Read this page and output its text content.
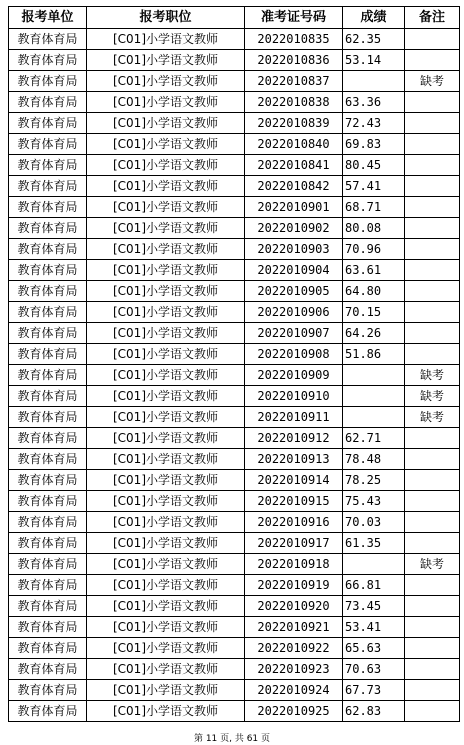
报考单位	报考职位	准考证号码	成绩	备注
教育体育局	[C01]小学语文教师	2022010835	62.35	
教育体育局	[C01]小学语文教师	2022010836	53.14	
教育体育局	[C01]小学语文教师	2022010837		缺考
教育体育局	[C01]小学语文教师	2022010838	63.36	
教育体育局	[C01]小学语文教师	2022010839	72.43	
教育体育局	[C01]小学语文教师	2022010840	69.83	
教育体育局	[C01]小学语文教师	2022010841	80.45	
教育体育局	[C01]小学语文教师	2022010842	57.41	
教育体育局	[C01]小学语文教师	2022010901	68.71	
教育体育局	[C01]小学语文教师	2022010902	80.08	
教育体育局	[C01]小学语文教师	2022010903	70.96	
教育体育局	[C01]小学语文教师	2022010904	63.61	
教育体育局	[C01]小学语文教师	2022010905	64.80	
教育体育局	[C01]小学语文教师	2022010906	70.15	
教育体育局	[C01]小学语文教师	2022010907	64.26	
教育体育局	[C01]小学语文教师	2022010908	51.86	
教育体育局	[C01]小学语文教师	2022010909		缺考
教育体育局	[C01]小学语文教师	2022010910		缺考
教育体育局	[C01]小学语文教师	2022010911		缺考
教育体育局	[C01]小学语文教师	2022010912	62.71	
教育体育局	[C01]小学语文教师	2022010913	78.48	
教育体育局	[C01]小学语文教师	2022010914	78.25	
教育体育局	[C01]小学语文教师	2022010915	75.43	
教育体育局	[C01]小学语文教师	2022010916	70.03	
教育体育局	[C01]小学语文教师	2022010917	61.35	
教育体育局	[C01]小学语文教师	2022010918		缺考
教育体育局	[C01]小学语文教师	2022010919	66.81	
教育体育局	[C01]小学语文教师	2022010920	73.45	
教育体育局	[C01]小学语文教师	2022010921	53.41	
教育体育局	[C01]小学语文教师	2022010922	65.63	
教育体育局	[C01]小学语文教师	2022010923	70.63	
教育体育局	[C01]小学语文教师	2022010924	67.73	
教育体育局	[C01]小学语文教师	2022010925	62.83	
第 11 页, 共 61 页
